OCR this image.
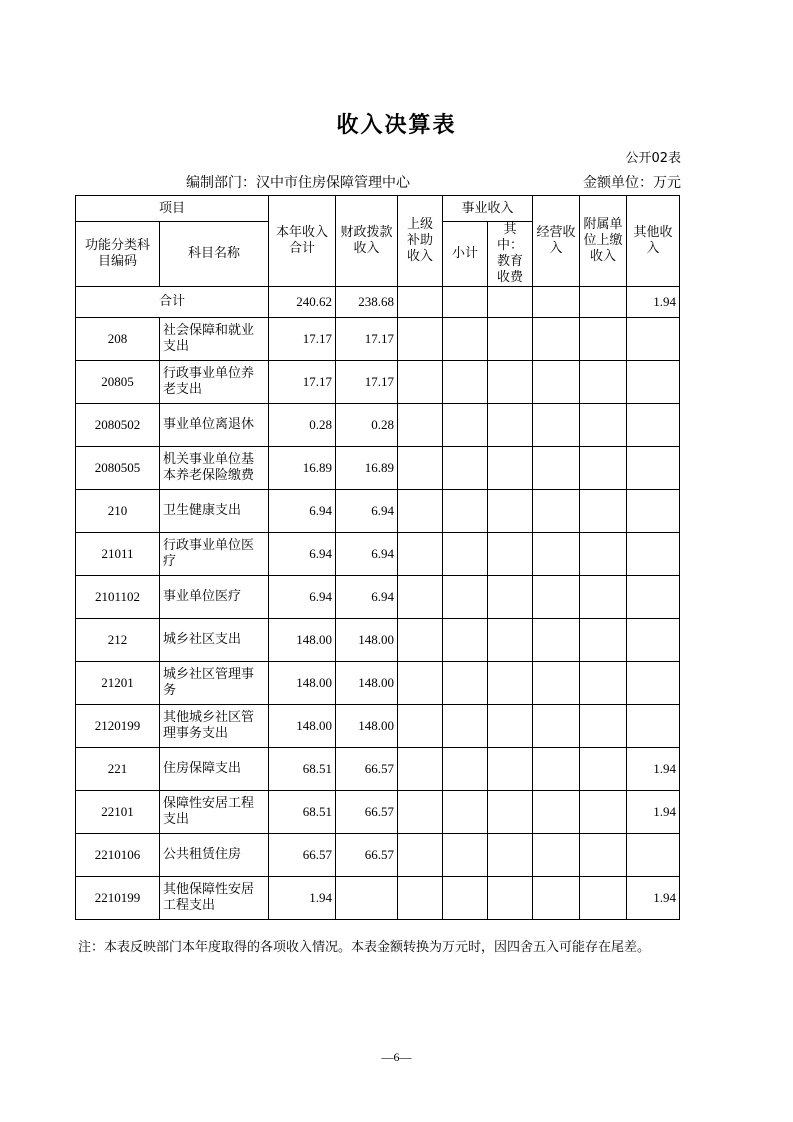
收入决算表
公开02表
编制部门：汉中市住房保障管理中心	金额单位：万元
项目		本年收入合计	财政拨款收入	上级补助收入	事业收入		经营收入	附属单位上缴收入	其他收入
功能分类科目编码	科目名称				小计	其中：教育收费			
合计		240.62	238.68						1.94
208	社会保障和就业支出	17.17	17.17						
20805	行政事业单位养老支出	17.17	17.17						
2080502	事业单位离退休	0.28	0.28						
2080505	机关事业单位基本养老保险缴费	16.89	16.89						
210	卫生健康支出	6.94	6.94						
21011	行政事业单位医疗	6.94	6.94						
2101102	事业单位医疗	6.94	6.94						
212	城乡社区支出	148.00	148.00						
21201	城乡社区管理事务	148.00	148.00						
2120199	其他城乡社区管理事务支出	148.00	148.00						
221	住房保障支出	68.51	66.57						1.94
22101	保障性安居工程支出	68.51	66.57						1.94
2210106	公共租赁住房	66.57	66.57						
2210199	其他保障性安居工程支出	1.94							1.94
注：本表反映部门本年度取得的各项收入情况。本表金额转换为万元时，因四舍五入可能存在尾差。
—6—
